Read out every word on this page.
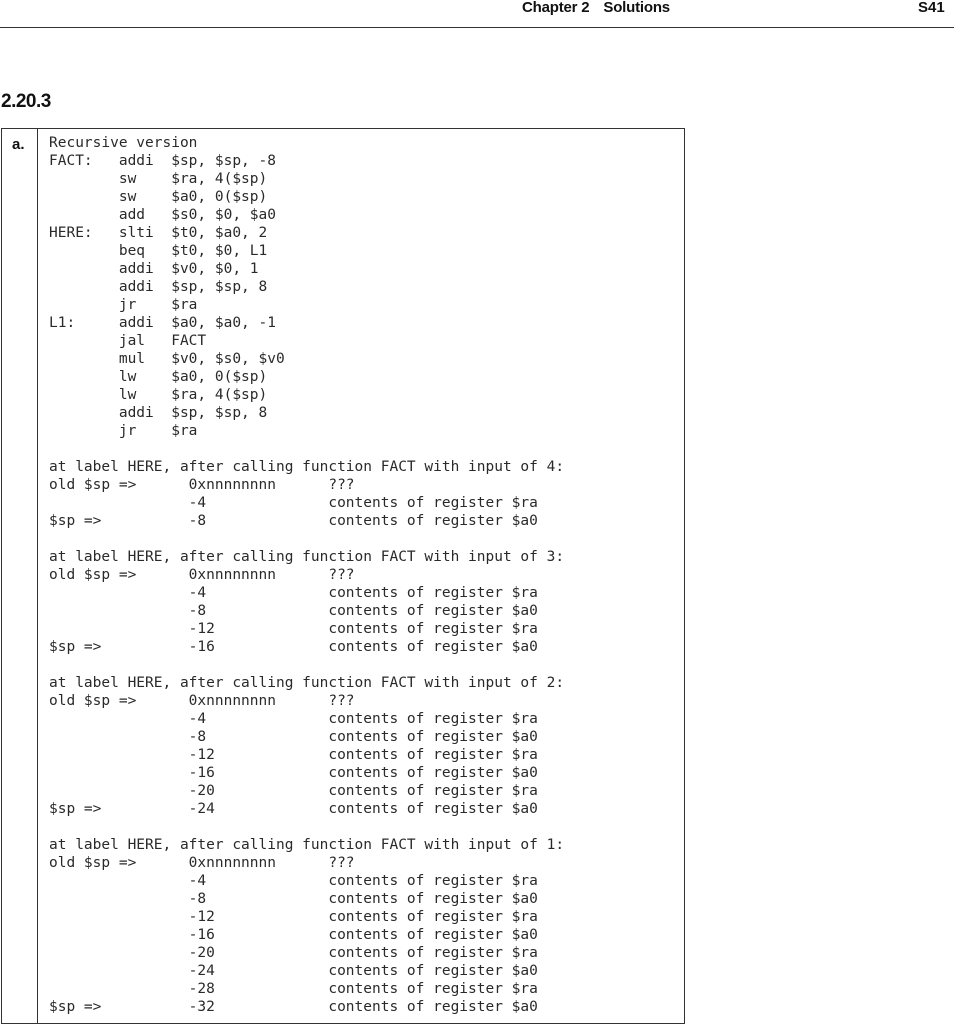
Chapter 2 Solutions	S41
2.20.3
a. Recursive version
FACT:   addi  $sp, $sp, -8
sw    $ra, 4($sp)
sw    $a0, 0($sp)
add   $s0, $0, $a0
HERE:   slti  $t0, $a0, 2
beq   $t0, $0, L1
addi  $v0, $0, 1
addi  $sp, $sp, 8
jr    $ra
L1:     addi  $a0, $a0, -1
jal   FACT
mul   $v0, $s0, $v0
lw    $a0, 0($sp)
lw    $ra, 4($sp)
addi  $sp, $sp, 8
jr    $ra
at label HERE, after calling function FACT with input of 4:
old $sp =>      0xnnnnnnnn      ???
-4              contents of register $ra
$sp =>          -8              contents of register $a0
at label HERE, after calling function FACT with input of 3:
old $sp =>      0xnnnnnnnn      ???
-4              contents of register $ra
-8              contents of register $a0
-12             contents of register $ra
$sp =>          -16             contents of register $a0
at label HERE, after calling function FACT with input of 2:
old $sp =>      0xnnnnnnnn      ???
-4              contents of register $ra
-8              contents of register $a0
-12             contents of register $ra
-16             contents of register $a0
-20             contents of register $ra
$sp =>          -24             contents of register $a0
at label HERE, after calling function FACT with input of 1:
old $sp =>      0xnnnnnnnn      ???
-4              contents of register $ra
-8              contents of register $a0
-12             contents of register $ra
-16             contents of register $a0
-20             contents of register $ra
-24             contents of register $a0
-28             contents of register $ra
$sp =>          -32             contents of register $a0
